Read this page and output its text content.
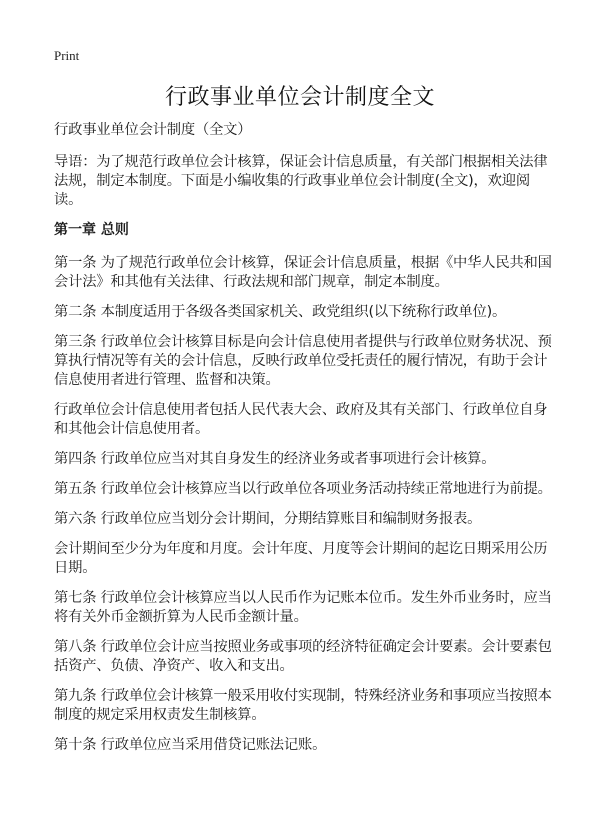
Print
行政事业单位会计制度全文

行政事业单位会计制度（全文）

导语：为了规范行政单位会计核算，保证会计信息质量，有关部门根据相关法律法规，制定本制度。下面是小编收集的行政事业单位会计制度(全文)，欢迎阅读。

第一章 总则

第一条 为了规范行政单位会计核算，保证会计信息质量，根据《中华人民共和国会计法》和其他有关法律、行政法规和部门规章，制定本制度。

第二条 本制度适用于各级各类国家机关、政党组织(以下统称行政单位)。

第三条 行政单位会计核算目标是向会计信息使用者提供与行政单位财务状况、预算执行情况等有关的会计信息，反映行政单位受托责任的履行情况，有助于会计信息使用者进行管理、监督和决策。

行政单位会计信息使用者包括人民代表大会、政府及其有关部门、行政单位自身和其他会计信息使用者。

第四条 行政单位应当对其自身发生的经济业务或者事项进行会计核算。

第五条 行政单位会计核算应当以行政单位各项业务活动持续正常地进行为前提。

第六条 行政单位应当划分会计期间，分期结算账目和编制财务报表。

会计期间至少分为年度和月度。会计年度、月度等会计期间的起讫日期采用公历日期。

第七条 行政单位会计核算应当以人民币作为记账本位币。发生外币业务时，应当将有关外币金额折算为人民币金额计量。

第八条 行政单位会计应当按照业务或事项的经济特征确定会计要素。会计要素包括资产、负债、净资产、收入和支出。

第九条 行政单位会计核算一般采用收付实现制，特殊经济业务和事项应当按照本制度的规定采用权责发生制核算。

第十条 行政单位应当采用借贷记账法记账。
